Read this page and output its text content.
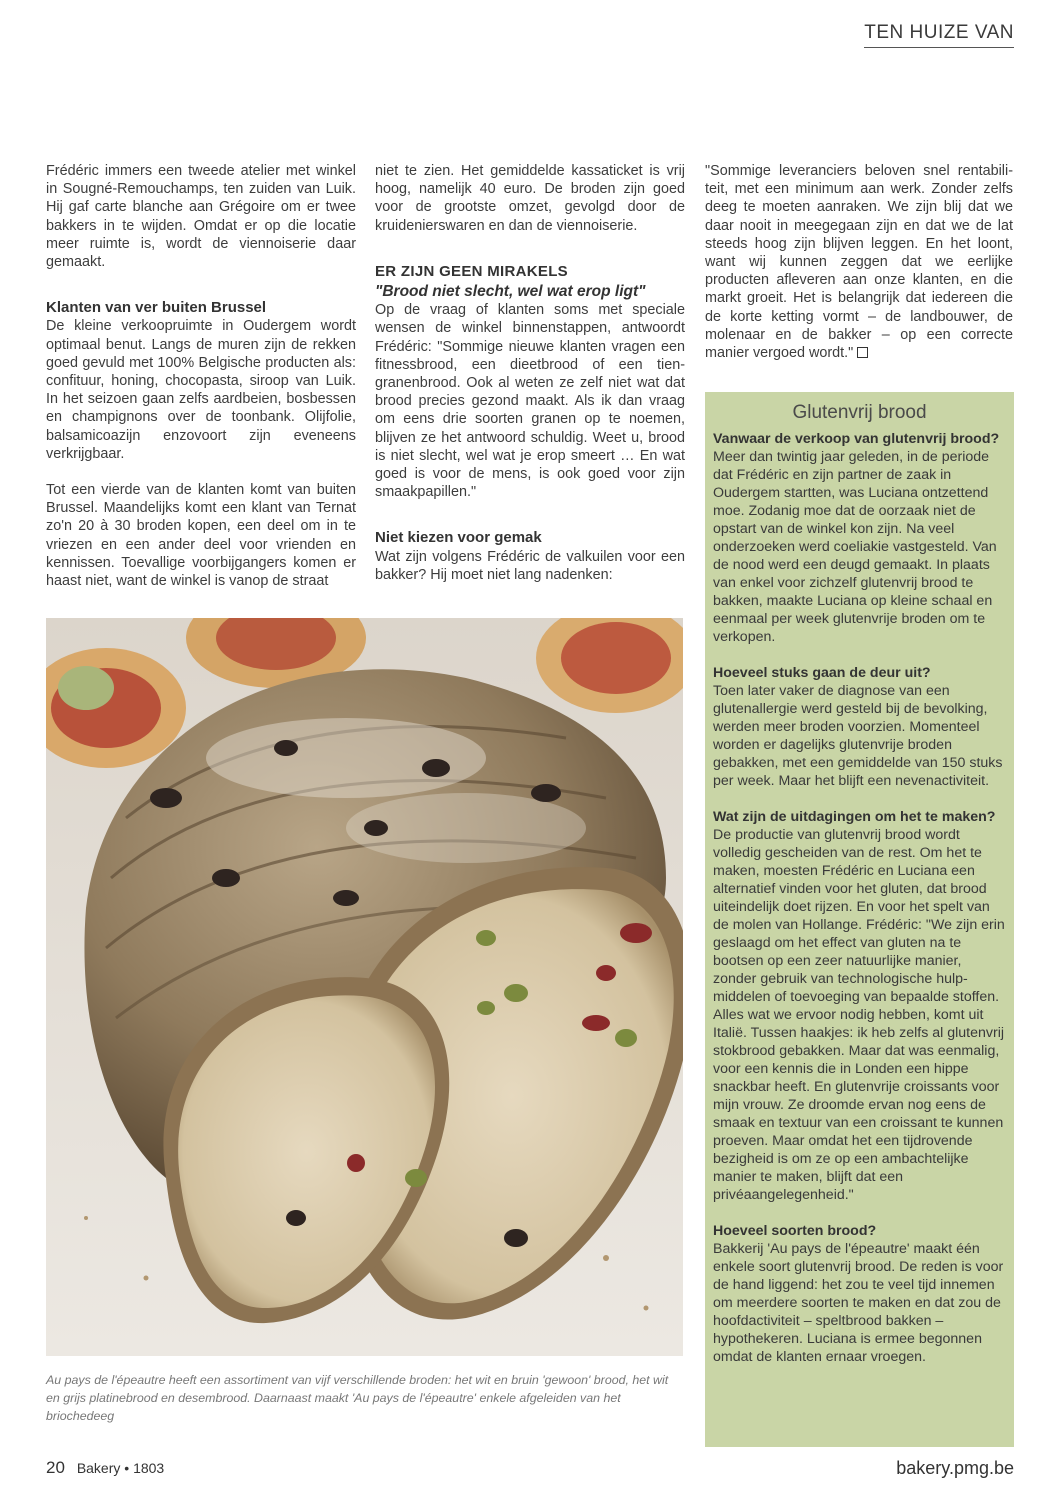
TEN HUIZE VAN

Frédéric immers een tweede atelier met winkel in Sougné-Remouchamps, ten zuiden van Luik. Hij gaf carte blanche aan Grégoire om er twee bakkers in te wijden. Omdat er op die locatie meer ruimte is, wordt de viennoiserie daar gemaakt.

Klanten van ver buiten Brussel

De kleine verkoopruimte in Oudergem wordt optimaal benut. Langs de muren zijn de rekken goed gevuld met 100% Belgische producten als: confituur, honing, chocopasta, siroop van Luik. In het seizoen gaan zelfs aardbeien, bosbessen en champignons over de toonbank. Olijfolie, balsamicoazijn enzovoort zijn eveneens verkrijgbaar.

Tot een vierde van de klanten komt van buiten Brussel. Maandelijks komt een klant van Ternat zo'n 20 à 30 broden kopen, een deel om in te vriezen en een ander deel voor vrienden en kennissen. Toevallige voorbijgangers komen er haast niet, want de winkel is vanop de straat

niet te zien. Het gemiddelde kassaticket is vrij hoog, namelijk 40 euro. De broden zijn goed voor de grootste omzet, gevolgd door de kruidenierswaren en dan de viennoiserie.

ER ZIJN GEEN MIRAKELS
"Brood niet slecht, wel wat erop ligt"

Op de vraag of klanten soms met speciale wensen de winkel binnenstappen, antwoordt Frédéric: "Sommige nieuwe klanten vragen een fitnessbrood, een dieetbrood of een tiengranenbrood. Ook al weten ze zelf niet wat dat brood precies gezond maakt. Als ik dan vraag om eens drie soorten granen op te noemen, blijven ze het antwoord schuldig. Weet u, brood is niet slecht, wel wat je erop smeert … En wat goed is voor de mens, is ook goed voor zijn smaakpapillen."

Niet kiezen voor gemak

Wat zijn volgens Frédéric de valkuilen voor een bakker? Hij moet niet lang nadenken:

"Sommige leveranciers beloven snel rentabiliteit, met een minimum aan werk. Zonder zelfs deeg te moeten aanraken. We zijn blij dat we daar nooit in meegegaan zijn en dat we de lat steeds hoog zijn blijven leggen. En het loont, want wij kunnen zeggen dat we eerlijke producten afleveren aan onze klanten, en die markt groeit. Het is belangrijk dat iedereen die de korte ketting vormt – de landbouwer, de molenaar en de bakker – op een correcte manier vergoed wordt."

Au pays de l'épeautre heeft een assortiment van vijf verschillende broden: het wit en bruin 'gewoon' brood, het wit en grijs platinebrood en desembrood. Daarnaast maakt 'Au pays de l'épeautre' enkele afgeleiden van het briochedeeg
Glutenvrij brood

Vanwaar de verkoop van glutenvrij brood?

Meer dan twintig jaar geleden, in de periode dat Frédéric en zijn partner de zaak in Oudergem startten, was Luciana ontzettend moe. Zodanig moe dat de oorzaak niet de opstart van de winkel kon zijn. Na veel onderzoeken werd coeliakie vastgesteld. Van de nood werd een deugd gemaakt. In plaats van enkel voor zichzelf glutenvrij brood te bakken, maakte Luciana op kleine schaal en eenmaal per week glutenvrije broden om te verkopen.

Hoeveel stuks gaan de deur uit?

Toen later vaker de diagnose van een glutenallergie werd gesteld bij de bevolking, werden meer broden voorzien. Momenteel worden er dagelijks glutenvrije broden gebakken, met een gemiddelde van 150 stuks per week. Maar het blijft een nevenactiviteit.

Wat zijn de uitdagingen om het te maken?

De productie van glutenvrij brood wordt volledig gescheiden van de rest. Om het te maken, moesten Frédéric en Luciana een alternatief vinden voor het gluten, dat brood uiteindelijk doet rijzen. En voor het spelt van de molen van Hollange. Frédéric: "We zijn erin geslaagd om het effect van gluten na te bootsen op een zeer natuurlijke manier, zonder gebruik van technologische hulpmiddelen of toevoeging van bepaalde stoffen. Alles wat we ervoor nodig hebben, komt uit Italië. Tussen haakjes: ik heb zelfs al glutenvrij stokbrood gebakken. Maar dat was eenmalig, voor een kennis die in Londen een hippe snackbar heeft. En glutenvrije croissants voor mijn vrouw. Ze droomde ervan nog eens de smaak en textuur van een croissant te kunnen proeven. Maar omdat het een tijdrovende bezigheid is om ze op een ambachtelijke manier te maken, blijft dat een privéaangelegenheid."

Hoeveel soorten brood?

Bakkerij 'Au pays de l'épeautre' maakt één enkele soort glutenvrij brood. De reden is voor de hand liggend: het zou te veel tijd innemen om meerdere soorten te maken en dat zou de hoofdactiviteit – speltbrood bakken – hypothekeren. Luciana is ermee begonnen omdat de klanten ernaar vroegen.

20 Bakery • 1803	bakery.pmg.be
